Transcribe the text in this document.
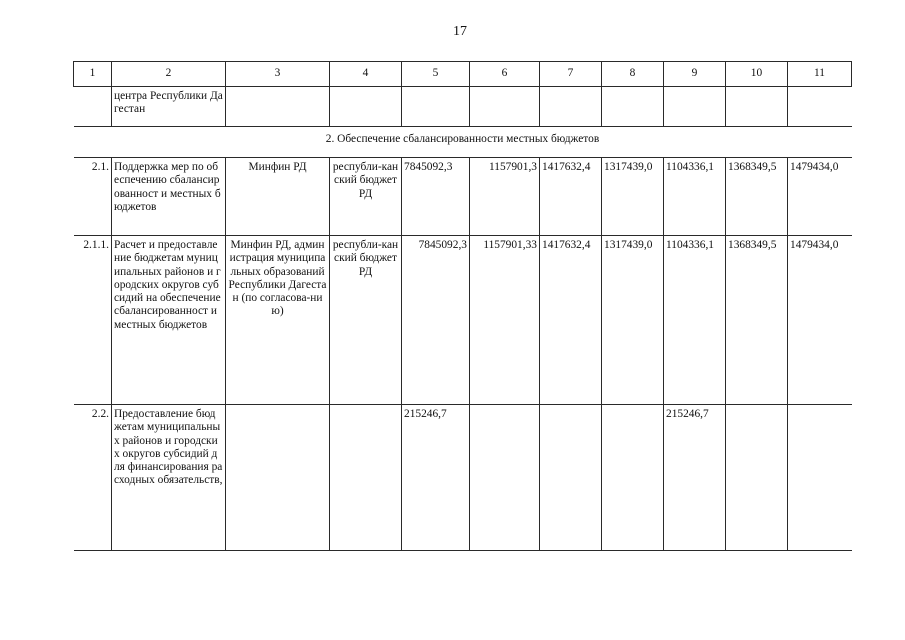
17
1	2	3	4	5	6	7	8	9	10	11
	центра Республики Дагестан									
2. Обеспечение сбалансированности местных бюджетов										
2.1.	Поддержка мер по обеспечению сбалансированност и местных бюджетов	Минфин РД	республи-канский бюджет РД	7845092,3	1157901,3	1417632,4	1317439,0	1104336,1	1368349,5	1479434,0
2.1.1.	Расчет и предоставление бюджетам муниципальных районов и городских округов субсидий на обеспечение сбалансированност и местных бюджетов	Минфин РД, администрация муниципальных образований Республики Дагестан (по согласова-нию)	республи-канский бюджет РД	7845092,3	1157901,33	1417632,4	1317439,0	1104336,1	1368349,5	1479434,0
2.2.	Предоставление бюджетам муниципальных районов и городских округов субсидий для финансирования расходных обязательств,			215246,7				215246,7		
